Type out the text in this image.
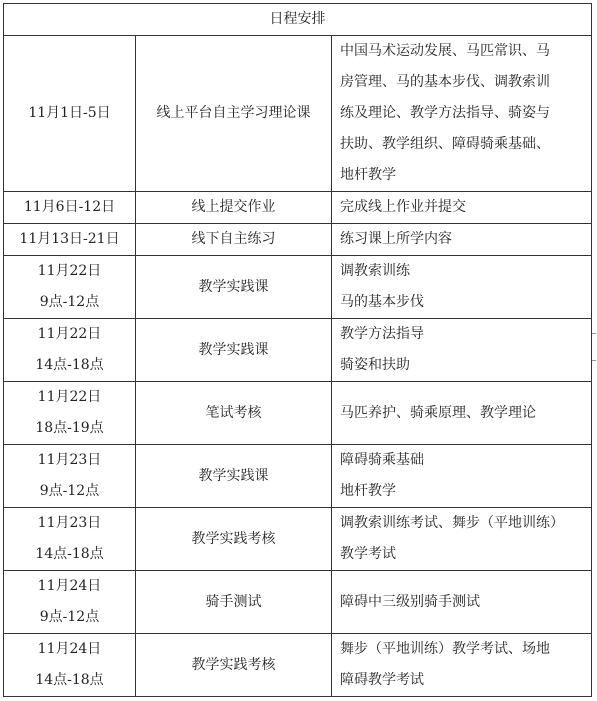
日程安排		

11月1日-5日	线上平台自主学习理论课	中国马术运动发展、马匹常识、马
房管理、马的基本步伐、调教索训
练及理论、教学方法指导、骑姿与
扶助、教学组织、障碍骑乘基础、
地杆教学

11月6日-12日	线上提交作业	完成线上作业并提交

11月13日-21日	线下自主练习	练习课上所学内容

11月22日
9点-12点	教学实践课	调教索训练
马的基本步伐

11月22日
14点-18点	教学实践课	教学方法指导
骑姿和扶助

11月22日
18点-19点	笔试考核	马匹养护、骑乘原理、教学理论

11月23日
9点-12点	教学实践课	障碍骑乘基础
地杆教学

11月23日
14点-18点	教学实践考核	调教索训练考试、舞步（平地训练）
教学考试

11月24日
9点-12点	骑手测试	障碍中三级别骑手测试

11月24日
14点-18点	教学实践考核	舞步（平地训练）教学考试、场地
障碍教学考试
